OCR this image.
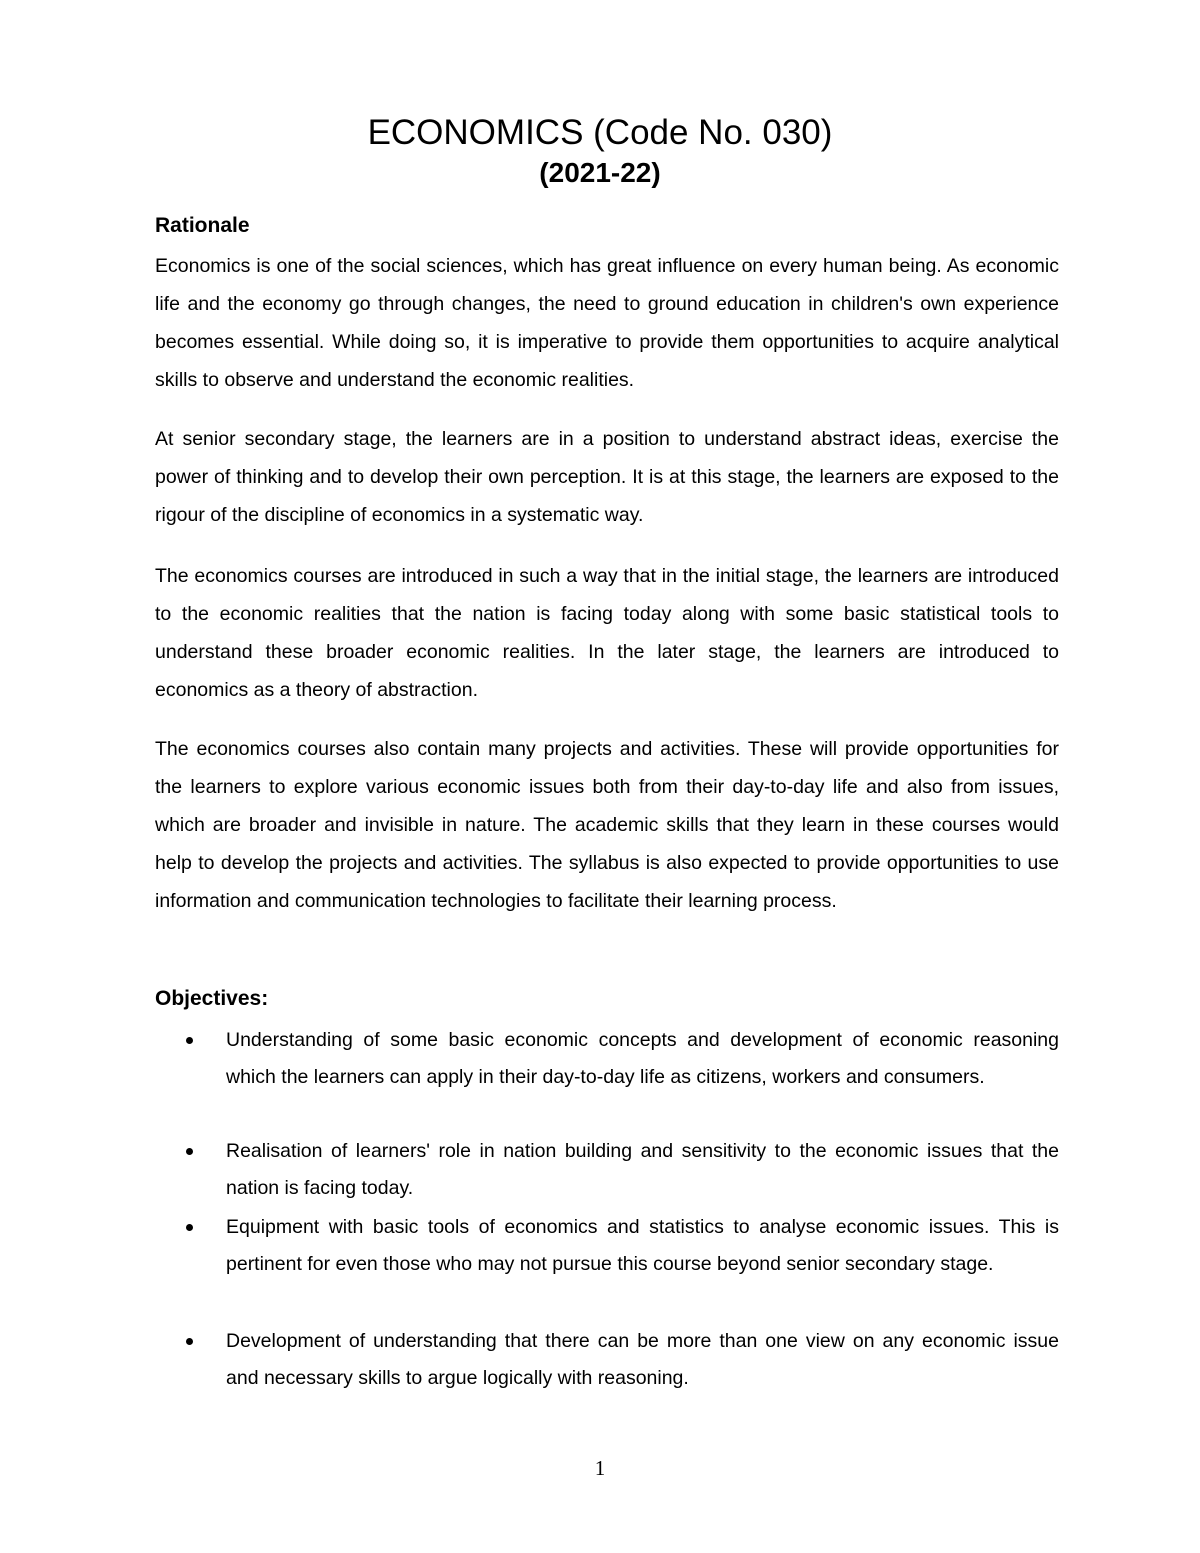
ECONOMICS (Code No. 030)
(2021-22)
Rationale

Economics is one of the social sciences, which has great influence on every human being. As economic life and the economy go through changes, the need to ground education in children's own experience becomes essential. While doing so, it is imperative to provide them opportunities to acquire analytical skills to observe and understand the economic realities.

At senior secondary stage, the learners are in a position to understand abstract ideas, exercise the power of thinking and to develop their own perception. It is at this stage, the learners are exposed to the rigour of the discipline of economics in a systematic way.

The economics courses are introduced in such a way that in the initial stage, the learners are introduced to the economic realities that the nation is facing today along with some basic statistical tools to understand these broader economic realities. In the later stage, the learners are introduced to economics as a theory of abstraction.

The economics courses also contain many projects and activities. These will provide opportunities for the learners to explore various economic issues both from their day-to-day life and also from issues, which are broader and invisible in nature. The academic skills that they learn in these courses would help to develop the projects and activities. The syllabus is also expected to provide opportunities to use information and communication technologies to facilitate their learning process.

Objectives:
Understanding of some basic economic concepts and development of economic reasoning which the learners can apply in their day-to-day life as citizens, workers and consumers.
Realisation of learners' role in nation building and sensitivity to the economic issues that the nation is facing today.
Equipment with basic tools of economics and statistics to analyse economic issues. This is pertinent for even those who may not pursue this course beyond senior secondary stage.
Development of understanding that there can be more than one view on any economic issue and necessary skills to argue logically with reasoning.
1
